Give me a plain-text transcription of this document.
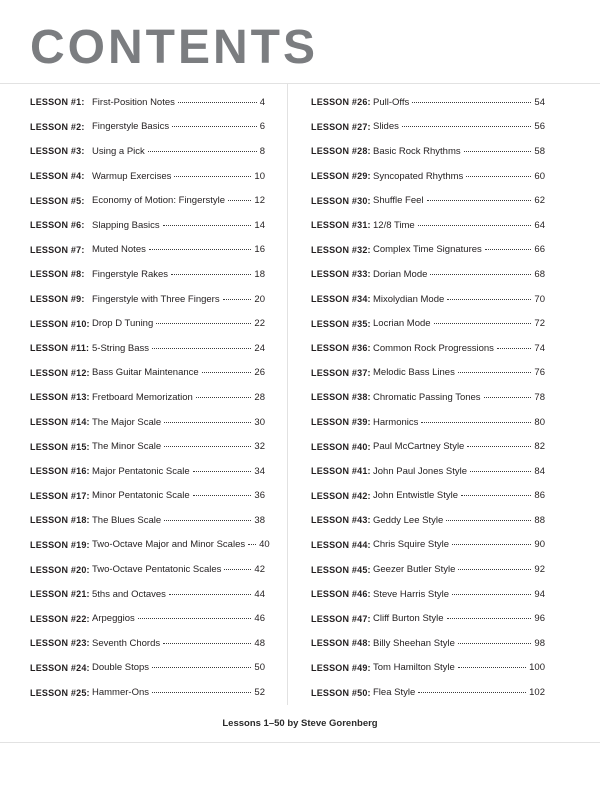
CONTENTS
LESSON #1: First-Position Notes	4
LESSON #2: Fingerstyle Basics	6
LESSON #3: Using a Pick	8
LESSON #4: Warmup Exercises	10
LESSON #5: Economy of Motion: Fingerstyle	12
LESSON #6: Slapping Basics	14
LESSON #7: Muted Notes	16
LESSON #8: Fingerstyle Rakes	18
LESSON #9: Fingerstyle with Three Fingers	20
LESSON #10: Drop D Tuning	22
LESSON #11: 5-String Bass	24
LESSON #12: Bass Guitar Maintenance	26
LESSON #13: Fretboard Memorization	28
LESSON #14: The Major Scale	30
LESSON #15: The Minor Scale	32
LESSON #16: Major Pentatonic Scale	34
LESSON #17: Minor Pentatonic Scale	36
LESSON #18: The Blues Scale	38
LESSON #19: Two-Octave Major and Minor Scales 40
LESSON #20: Two-Octave Pentatonic Scales	42
LESSON #21: 5ths and Octaves	44
LESSON #22: Arpeggios	46
LESSON #23: Seventh Chords	48
LESSON #24: Double Stops	50
LESSON #25: Hammer-Ons	52
LESSON #26: Pull-Offs	54
LESSON #27: Slides	56
LESSON #28: Basic Rock Rhythms	58
LESSON #29: Syncopated Rhythms	60
LESSON #30: Shuffle Feel	62
LESSON #31: 12/8 Time	64
LESSON #32: Complex Time Signatures	66
LESSON #33: Dorian Mode	68
LESSON #34: Mixolydian Mode	70
LESSON #35: Locrian Mode	72
LESSON #36: Common Rock Progressions	74
LESSON #37: Melodic Bass Lines	76
LESSON #38: Chromatic Passing Tones	78
LESSON #39: Harmonics	80
LESSON #40: Paul McCartney Style	82
LESSON #41: John Paul Jones Style	84
LESSON #42: John Entwistle Style	86
LESSON #43: Geddy Lee Style	88
LESSON #44: Chris Squire Style	90
LESSON #45: Geezer Butler Style	92
LESSON #46: Steve Harris Style	94
LESSON #47: Cliff Burton Style	96
LESSON #48: Billy Sheehan Style	98
LESSON #49: Tom Hamilton Style	100
LESSON #50: Flea Style	102
Lessons 1–50 by Steve Gorenberg
